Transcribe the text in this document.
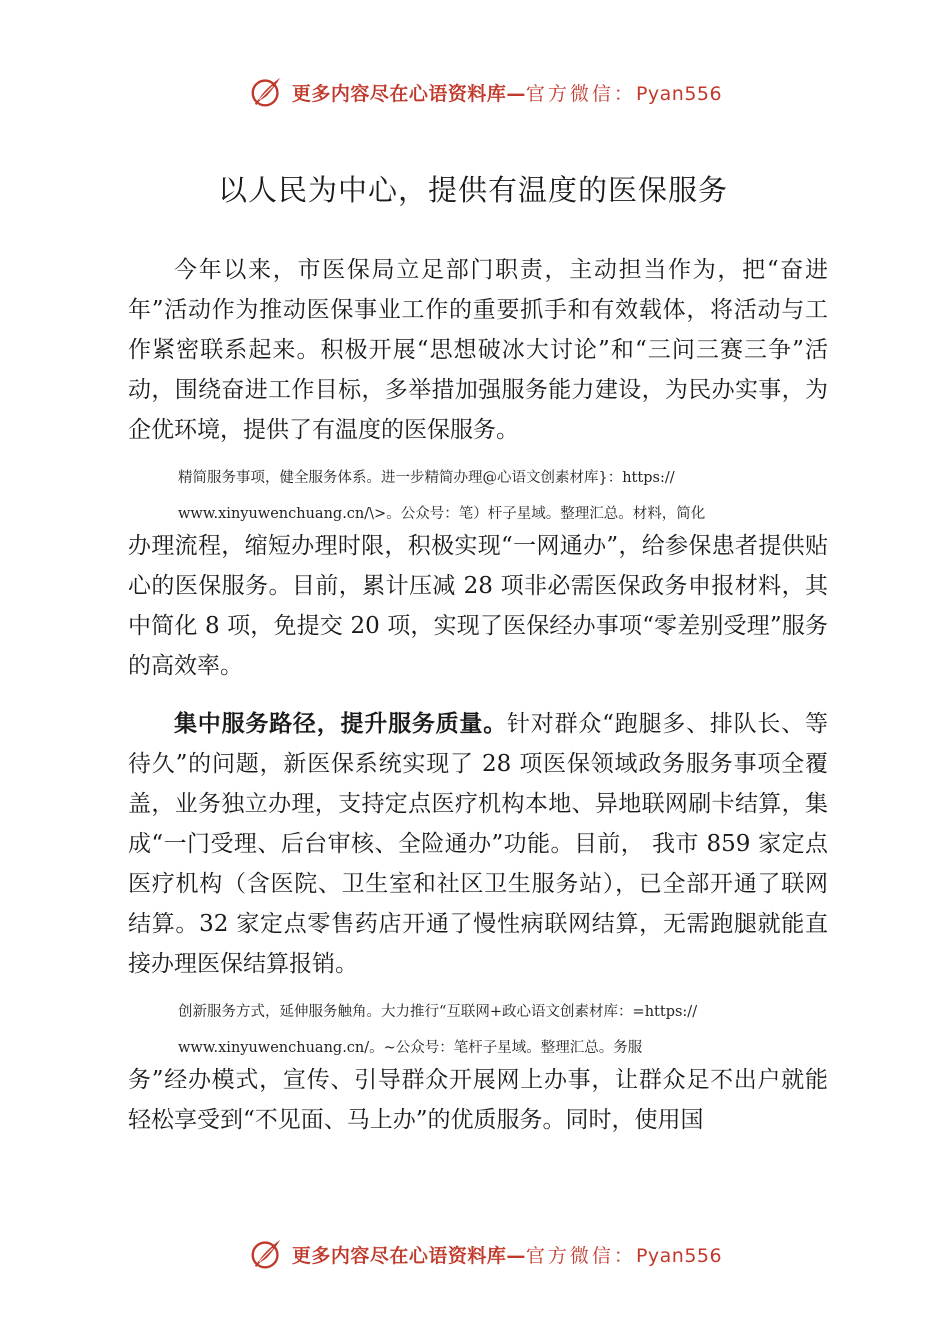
更多内容尽在心语资料库—官方微信：Pyan556
以人民为中心，提供有温度的医保服务

今年以来，市医保局立足部门职责，主动担当作为，把“奋进年”活动作为推动医保事业工作的重要抓手和有效载体，将活动与工作紧密联系起来。积极开展“思想破冰大讨论”和“三问三赛三争”活动，围绕奋进工作目标，多举措加强服务能力建设，为民办实事，为企优环境，提供了有温度的医保服务。

精简服务事项，健全服务体系。进一步精简办理@心语文创素材库}：https://
www.xinyuwenchuang.cn/\>。公众号：笔）杆子星域。整理汇总。材料，简化

办理流程，缩短办理时限，积极实现“一网通办”，给参保患者提供贴心的医保服务。目前，累计压减 28 项非必需医保政务申报材料，其中简化 8 项，免提交 20 项，实现了医保经办事项“零差别受理”服务的高效率。

集中服务路径，提升服务质量。针对群众“跑腿多、排队长、等待久”的问题，新医保系统实现了 28 项医保领域政务服务事项全覆盖，业务独立办理，支持定点医疗机构本地、异地联网刷卡结算，集成“一门受理、后台审核、全险通办”功能。目前， 我市 859 家定点医疗机构（含医院、卫生室和社区卫生服务站），已全部开通了联网结算。32 家定点零售药店开通了慢性病联网结算，无需跑腿就能直接办理医保结算报销。

创新服务方式，延伸服务触角。大力推行“互联网+政心语文创素材库：=https://
www.xinyuwenchuang.cn/。~公众号：笔杆子星域。整理汇总。务服

务”经办模式，宣传、引导群众开展网上办事，让群众足不出户就能轻松享受到“不见面、马上办”的优质服务。同时，使用国

更多内容尽在心语资料库—官方微信：Pyan556
